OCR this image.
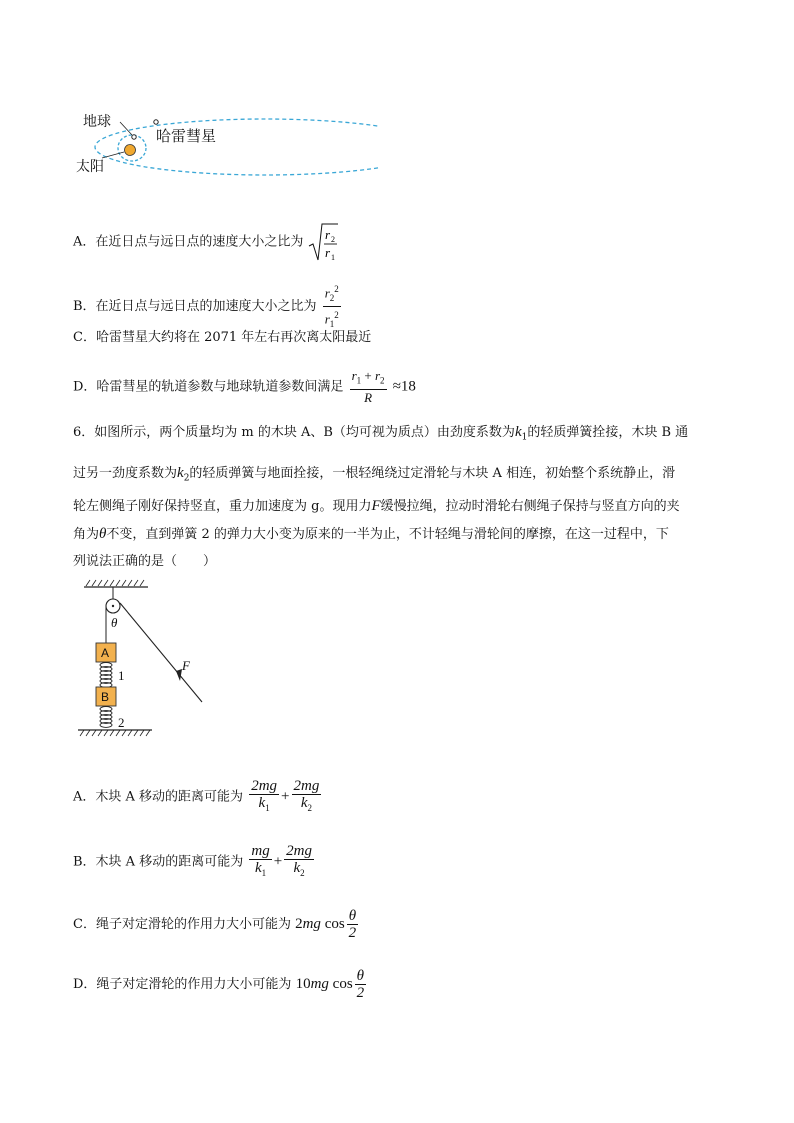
地球
太阳
哈雷彗星
A．在近日点与远日点的速度大小之比为 r 2
r 1
B．在近日点与远日点的加速度大小之比为 $\frac{r_2^2}{r_1^2}$
C．哈雷彗星大约将在 2071 年左右再次离太阳最近
D．哈雷彗星的轨道参数与地球轨道参数间满足 $\frac{r_1 + r_2}{R} \approx 18$
6．如图所示，两个质量均为 m 的木块 A、B（均可视为质点）由劲度系数为$k_1$的轻质弹簧拴接，木块 B 通
过另一劲度系数为$k_2$的轻质弹簧与地面拴接，一根轻绳绕过定滑轮与木块 A 相连，初始整个系统静止，滑
轮左侧绳子刚好保持竖直，重力加速度为 g。现用力F缓慢拉绳，拉动时滑轮右侧绳子保持与竖直方向的夹
角为θ不变，直到弹簧 2 的弹力大小变为原来的一半为止，不计轻绳与滑轮间的摩擦，在这一过程中，下
列说法正确的是（　　）
A
B
1
2
θ
F
A．木块 A 移动的距离可能为 $\frac{2mg}{k_1} + \frac{2mg}{k_2}$
B．木块 A 移动的距离可能为 $\frac{mg}{k_1} + \frac{2mg}{k_2}$
C．绳子对定滑轮的作用力大小可能为 2mg $\cos \frac{\theta}{2}$
D．绳子对定滑轮的作用力大小可能为 10mg $\cos \frac{\theta}{2}$
